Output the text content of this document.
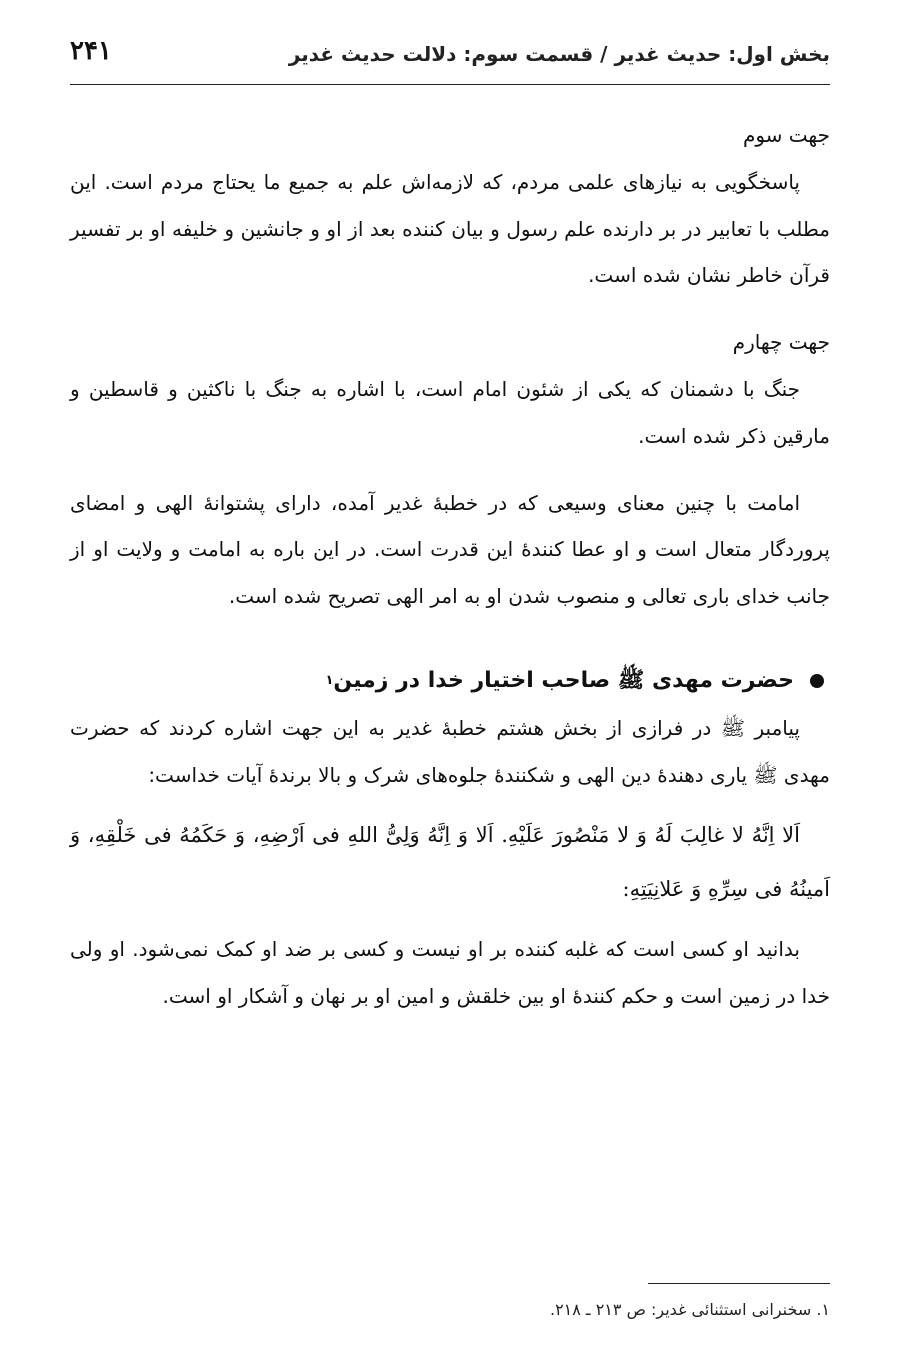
بخش اول: حدیث غدیر / قسمت سوم: دلالت حدیث غدیر
۲۴۱

جهت سوم

پاسخگویی به نیازهای علمی مردم، که لازمه‌اش علم به جمیع ما یحتاج مردم است. این مطلب با تعابیر در بر دارنده علم رسول و بیان کننده بعد از او و جانشین و خلیفه او بر تفسیر قرآن خاطر نشان شده است.

جهت چهارم

جنگ با دشمنان که یکی از شئون امام است، با اشاره به جنگ با ناکثین و قاسطین و مارقین ذکر شده است.

امامت با چنین معنای وسیعی که در خطبهٔ غدیر آمده، دارای پشتوانهٔ الهی و امضای پروردگار متعال است و او عطا کنندهٔ این قدرت است. در این باره به امامت و ولایت او از جانب خدای باری تعالی و منصوب شدن او به امر الهی تصریح شده است.

حضرت مهدی ﷺ صاحب اختیار خدا در زمین
۱

پیامبر ﷺ در فرازی از بخش هشتم خطبهٔ غدیر به این جهت اشاره کردند که حضرت مهدی ﷺ یاری دهندهٔ دین الهی و شکنندهٔ جلوه‌های شرک و بالا برندهٔ آیات خداست:

اَلا اِنَّهُ لا غالِبَ لَهُ وَ لا مَنْصُورَ عَلَیْهِ. اَلا وَ اِنَّهُ وَلِیُّ اللهِ فی اَرْضِهِ، وَ حَکَمُهُ فی خَلْقِهِ، وَ اَمینُهُ فی سِرِّهِ وَ عَلانِیَتِهِ:

بدانید او کسی است که غلبه کننده بر او نیست و کسی بر ضد او کمک نمی‌شود. او ولی خدا در زمین است و حکم کنندهٔ او بین خلقش و امین او بر نهان و آشکار او است.

۱. سخنرانی استثنائی غدیر: ص ۲۱۳ ـ ۲۱۸.
